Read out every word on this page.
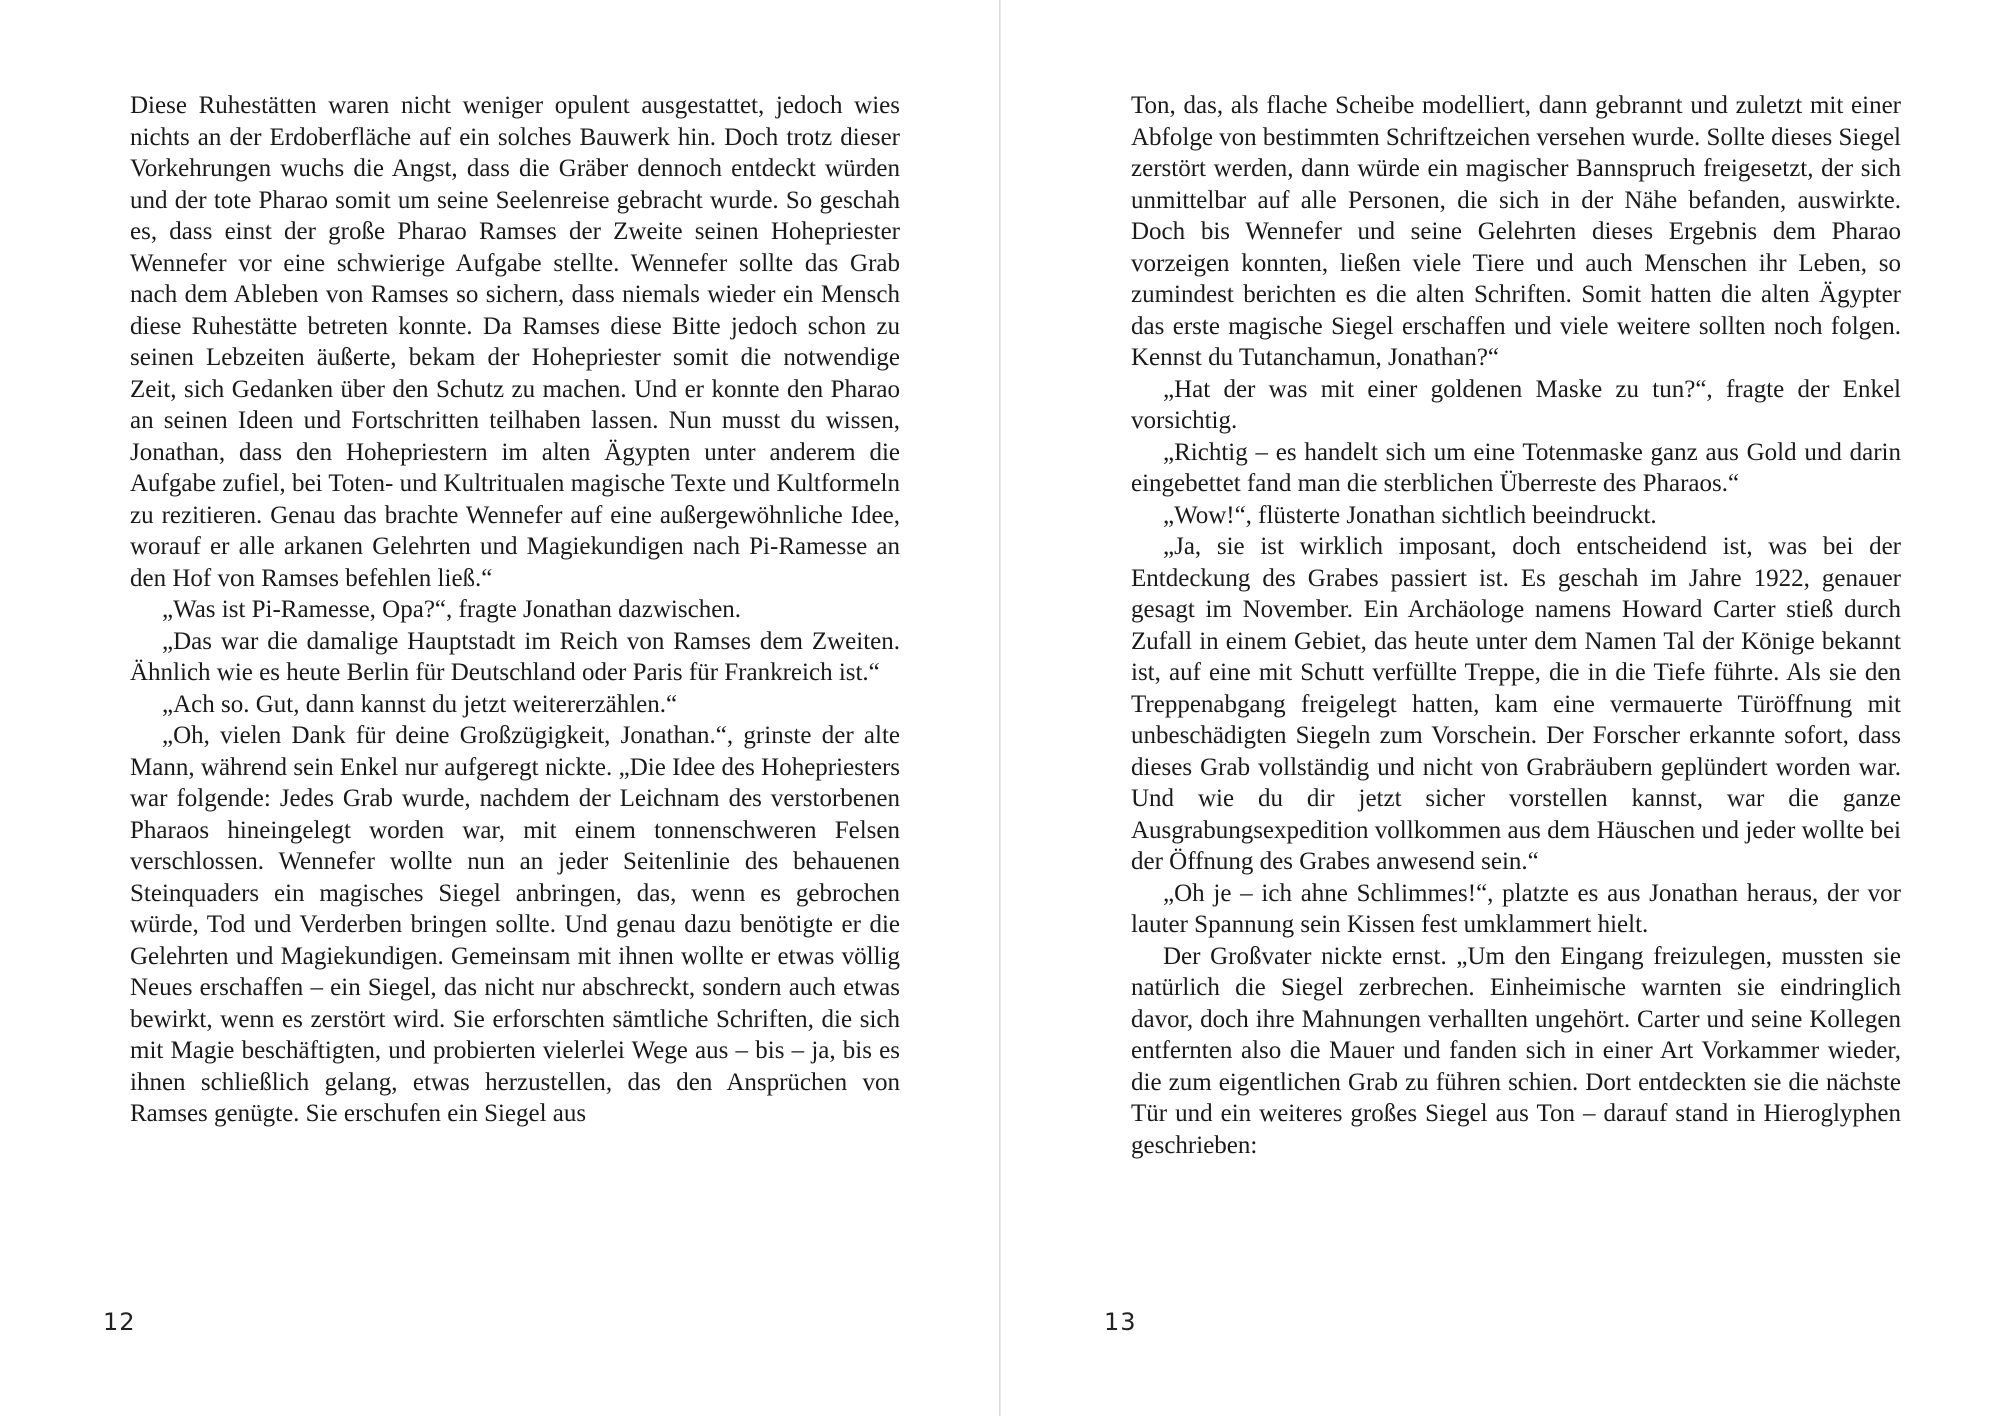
Diese Ruhestätten waren nicht weniger opulent ausgestattet, jedoch wies nichts an der Erdoberfläche auf ein solches Bauwerk hin. Doch trotz dieser Vorkehrungen wuchs die Angst, dass die Gräber dennoch entdeckt würden und der tote Pharao somit um seine Seelenreise gebracht wurde. So geschah es, dass einst der große Pharao Ramses der Zweite seinen Hohepriester Wennefer vor eine schwierige Aufgabe stellte. Wennefer sollte das Grab nach dem Ableben von Ramses so sichern, dass niemals wieder ein Mensch diese Ruhestätte betreten konnte. Da Ramses diese Bitte jedoch schon zu seinen Lebzeiten äußerte, bekam der Hohepriester somit die notwendige Zeit, sich Gedanken über den Schutz zu machen. Und er konnte den Pharao an seinen Ideen und Fortschritten teilhaben lassen. Nun musst du wissen, Jonathan, dass den Hohepriestern im alten Ägypten unter anderem die Aufgabe zufiel, bei Toten- und Kultritualen magische Texte und Kultformeln zu rezitieren. Genau das brachte Wennefer auf eine außergewöhnliche Idee, worauf er alle arkanen Gelehrten und Magiekundigen nach Pi-Ramesse an den Hof von Ramses befehlen ließ.“

„Was ist Pi-Ramesse, Opa?“, fragte Jonathan dazwischen.

„Das war die damalige Hauptstadt im Reich von Ramses dem Zweiten. Ähnlich wie es heute Berlin für Deutschland oder Paris für Frankreich ist.“

„Ach so. Gut, dann kannst du jetzt weitererzählen.“

„Oh, vielen Dank für deine Großzügigkeit, Jonathan.“, grinste der alte Mann, während sein Enkel nur aufgeregt nickte. „Die Idee des Hohepriesters war folgende: Jedes Grab wurde, nachdem der Leichnam des verstorbenen Pharaos hineingelegt worden war, mit einem tonnenschweren Felsen verschlossen. Wennefer wollte nun an jeder Seitenlinie des behauenen Steinquaders ein magisches Siegel anbringen, das, wenn es gebrochen würde, Tod und Verderben bringen sollte. Und genau dazu benötigte er die Gelehrten und Magiekundigen. Gemeinsam mit ihnen wollte er etwas völlig Neues erschaffen – ein Siegel, das nicht nur abschreckt, sondern auch etwas bewirkt, wenn es zerstört wird. Sie erforschten sämtliche Schriften, die sich mit Magie beschäftigten, und probierten vielerlei Wege aus – bis – ja, bis es ihnen schließlich gelang, etwas herzustellen, das den Ansprüchen von Ramses genügte. Sie erschufen ein Siegel aus

12

Ton, das, als flache Scheibe modelliert, dann gebrannt und zuletzt mit einer Abfolge von bestimmten Schriftzeichen versehen wurde. Sollte dieses Siegel zerstört werden, dann würde ein magischer Bannspruch freigesetzt, der sich unmittelbar auf alle Personen, die sich in der Nähe befanden, auswirkte. Doch bis Wennefer und seine Gelehrten dieses Ergebnis dem Pharao vorzeigen konnten, ließen viele Tiere und auch Menschen ihr Leben, so zumindest berichten es die alten Schriften. Somit hatten die alten Ägypter das erste magische Siegel erschaffen und viele weitere sollten noch folgen. Kennst du Tutanchamun, Jonathan?“

„Hat der was mit einer goldenen Maske zu tun?“, fragte der Enkel vorsichtig.

„Richtig – es handelt sich um eine Totenmaske ganz aus Gold und darin eingebettet fand man die sterblichen Überreste des Pharaos.“

„Wow!“, flüsterte Jonathan sichtlich beeindruckt.

„Ja, sie ist wirklich imposant, doch entscheidend ist, was bei der Entdeckung des Grabes passiert ist. Es geschah im Jahre 1922, genauer gesagt im November. Ein Archäologe namens Howard Carter stieß durch Zufall in einem Gebiet, das heute unter dem Namen Tal der Könige bekannt ist, auf eine mit Schutt verfüllte Treppe, die in die Tiefe führte. Als sie den Treppenabgang freigelegt hatten, kam eine vermauerte Türöffnung mit unbeschädigten Siegeln zum Vorschein. Der Forscher erkannte sofort, dass dieses Grab vollständig und nicht von Grabräubern geplündert worden war. Und wie du dir jetzt sicher vorstellen kannst, war die ganze Ausgrabungsexpedition vollkommen aus dem Häuschen und jeder wollte bei der Öffnung des Grabes anwesend sein.“

„Oh je – ich ahne Schlimmes!“, platzte es aus Jonathan heraus, der vor lauter Spannung sein Kissen fest umklammert hielt.

Der Großvater nickte ernst. „Um den Eingang freizulegen, mussten sie natürlich die Siegel zerbrechen. Einheimische warnten sie eindringlich davor, doch ihre Mahnungen verhallten ungehört. Carter und seine Kollegen entfernten also die Mauer und fanden sich in einer Art Vorkammer wieder, die zum eigentlichen Grab zu führen schien. Dort entdeckten sie die nächste Tür und ein weiteres großes Siegel aus Ton – darauf stand in Hieroglyphen geschrieben:

13
